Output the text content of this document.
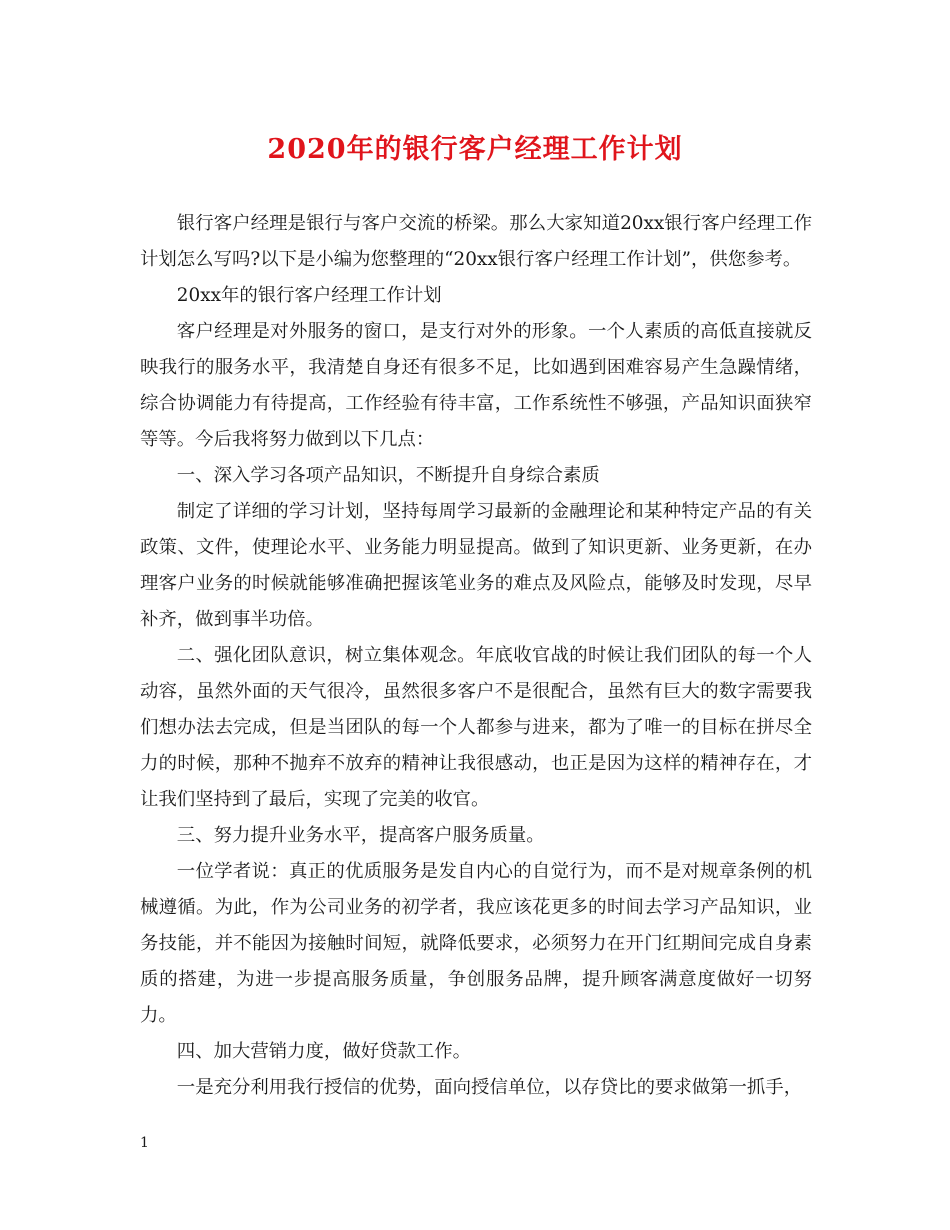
2020年的银行客户经理工作计划

银行客户经理是银行与客户交流的桥梁。那么大家知道20xx银行客户经理工作计划怎么写吗?以下是小编为您整理的“20xx银行客户经理工作计划”，供您参考。

20xx年的银行客户经理工作计划

客户经理是对外服务的窗口，是支行对外的形象。一个人素质的高低直接就反映我行的服务水平，我清楚自身还有很多不足，比如遇到困难容易产生急躁情绪，综合协调能力有待提高，工作经验有待丰富，工作系统性不够强，产品知识面狭窄等等。今后我将努力做到以下几点：

一、深入学习各项产品知识，不断提升自身综合素质

制定了详细的学习计划，坚持每周学习最新的金融理论和某种特定产品的有关政策、文件，使理论水平、业务能力明显提高。做到了知识更新、业务更新，在办理客户业务的时候就能够准确把握该笔业务的难点及风险点，能够及时发现，尽早补齐，做到事半功倍。

二、强化团队意识，树立集体观念。年底收官战的时候让我们团队的每一个人动容，虽然外面的天气很冷，虽然很多客户不是很配合，虽然有巨大的数字需要我们想办法去完成，但是当团队的每一个人都参与进来，都为了唯一的目标在拼尽全力的时候，那种不抛弃不放弃的精神让我很感动，也正是因为这样的精神存在，才让我们坚持到了最后，实现了完美的收官。

三、努力提升业务水平，提高客户服务质量。

一位学者说：真正的优质服务是发自内心的自觉行为，而不是对规章条例的机械遵循。为此，作为公司业务的初学者，我应该花更多的时间去学习产品知识，业务技能，并不能因为接触时间短，就降低要求，必须努力在开门红期间完成自身素质的搭建，为进一步提高服务质量，争创服务品牌，提升顾客满意度做好一切努力。

四、加大营销力度，做好贷款工作。

一是充分利用我行授信的优势，面向授信单位，以存贷比的要求做第一抓手，

1
